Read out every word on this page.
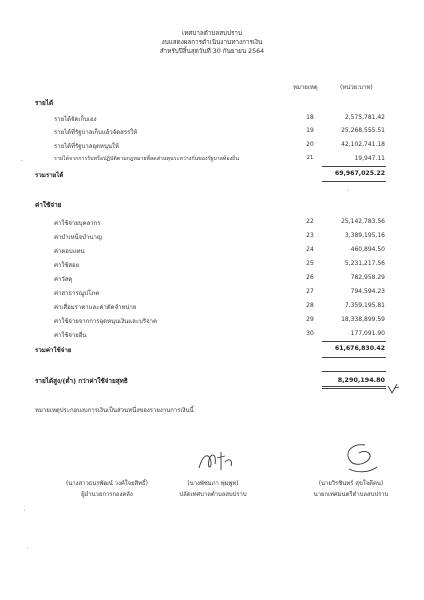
เทศบาลตำบลสบปราบ
งบแสดงผลการดำเนินงานทางการเงิน
สำหรับปีสิ้นสุดวันที่ 30 กันยายน 2564
หมายเหตุ	(หน่วย:บาท)
รายได้
รายได้จัดเก็บเอง	18	2,575,781.42
รายได้ที่รัฐบาลเก็บแล้วจัดสรรให้	19	25,268,555.51
รายได้ที่รัฐบาลอุดหนุนให้	20	42,102,741.18
รายได้จากการรับหรือปฏิบัติตามกฎหมายที่ลดส่วนทุนระหว่างกันของรัฐบาลท้องถิ่น	21	19,947.11
รวมรายได้	69,967,025.22
ค่าใช้จ่าย
ค่าใช้จ่ายบุคลากร	22	25,142,783.56
ค่าบำเหน็จบำนาญ	23	3,389,195.16
ค่าตอบแทน	24	460,894.50
ค่าใช้สอย	25	5,231,217.56
ค่าวัสดุ	26	782,958.29
ค่าสาธารณูปโภค	27	794,594.23
ค่าเสื่อมราคาและค่าตัดจำหน่าย	28	7,359,195.81
ค่าใช้จ่ายจากการอุดหนุนเงินและบริจาค	29	18,338,899.59
ค่าใช้จ่ายอื่น	30	177,091.90
รวมค่าใช้จ่าย	61,676,830.42
รายได้สูง/(ต่ำ) กว่าค่าใช้จ่ายสุทธิ	8,290,194.80
หมายเหตุประกอบงบการเงินเป็นส่วนหนึ่งของรายงานการเงินนี้
(นางสาวธนรพัฒน์ วงค์ใจยสิทธิ์)
ผู้อำนวยการกองคลัง
(นางพัชมภา พุ่มพูท)
ปลัดเทศบาลตำบลสบปราบ
(นายวิรชินทร์ สุขใจดีคน)
นายกเทศมนตรีตำบลสบปราบ
